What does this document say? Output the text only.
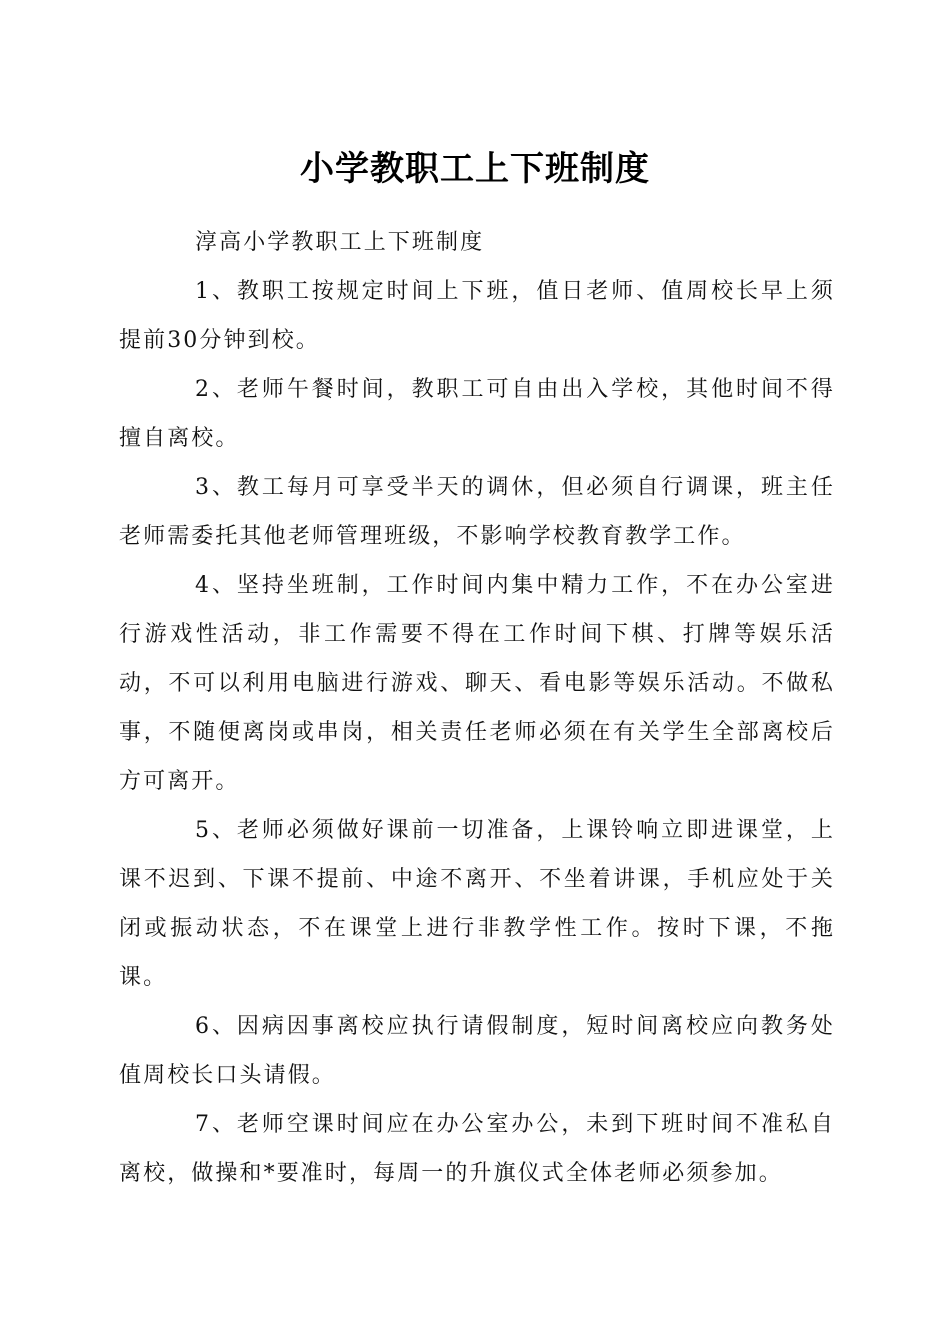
小学教职工上下班制度

淳高小学教职工上下班制度

1、教职工按规定时间上下班，值日老师、值周校长早上须提前30分钟到校。

2、老师午餐时间，教职工可自由出入学校，其他时间不得擅自离校。

3、教工每月可享受半天的调休，但必须自行调课，班主任老师需委托其他老师管理班级，不影响学校教育教学工作。

4、坚持坐班制，工作时间内集中精力工作，不在办公室进行游戏性活动，非工作需要不得在工作时间下棋、打牌等娱乐活动，不可以利用电脑进行游戏、聊天、看电影等娱乐活动。不做私事，不随便离岗或串岗，相关责任老师必须在有关学生全部离校后方可离开。

5、老师必须做好课前一切准备，上课铃响立即进课堂，上课不迟到、下课不提前、中途不离开、不坐着讲课，手机应处于关闭或振动状态，不在课堂上进行非教学性工作。按时下课，不拖课。

6、因病因事离校应执行请假制度，短时间离校应向教务处值周校长口头请假。

7、老师空课时间应在办公室办公，未到下班时间不准私自离校，做操和*要准时，每周一的升旗仪式全体老师必须参加。
